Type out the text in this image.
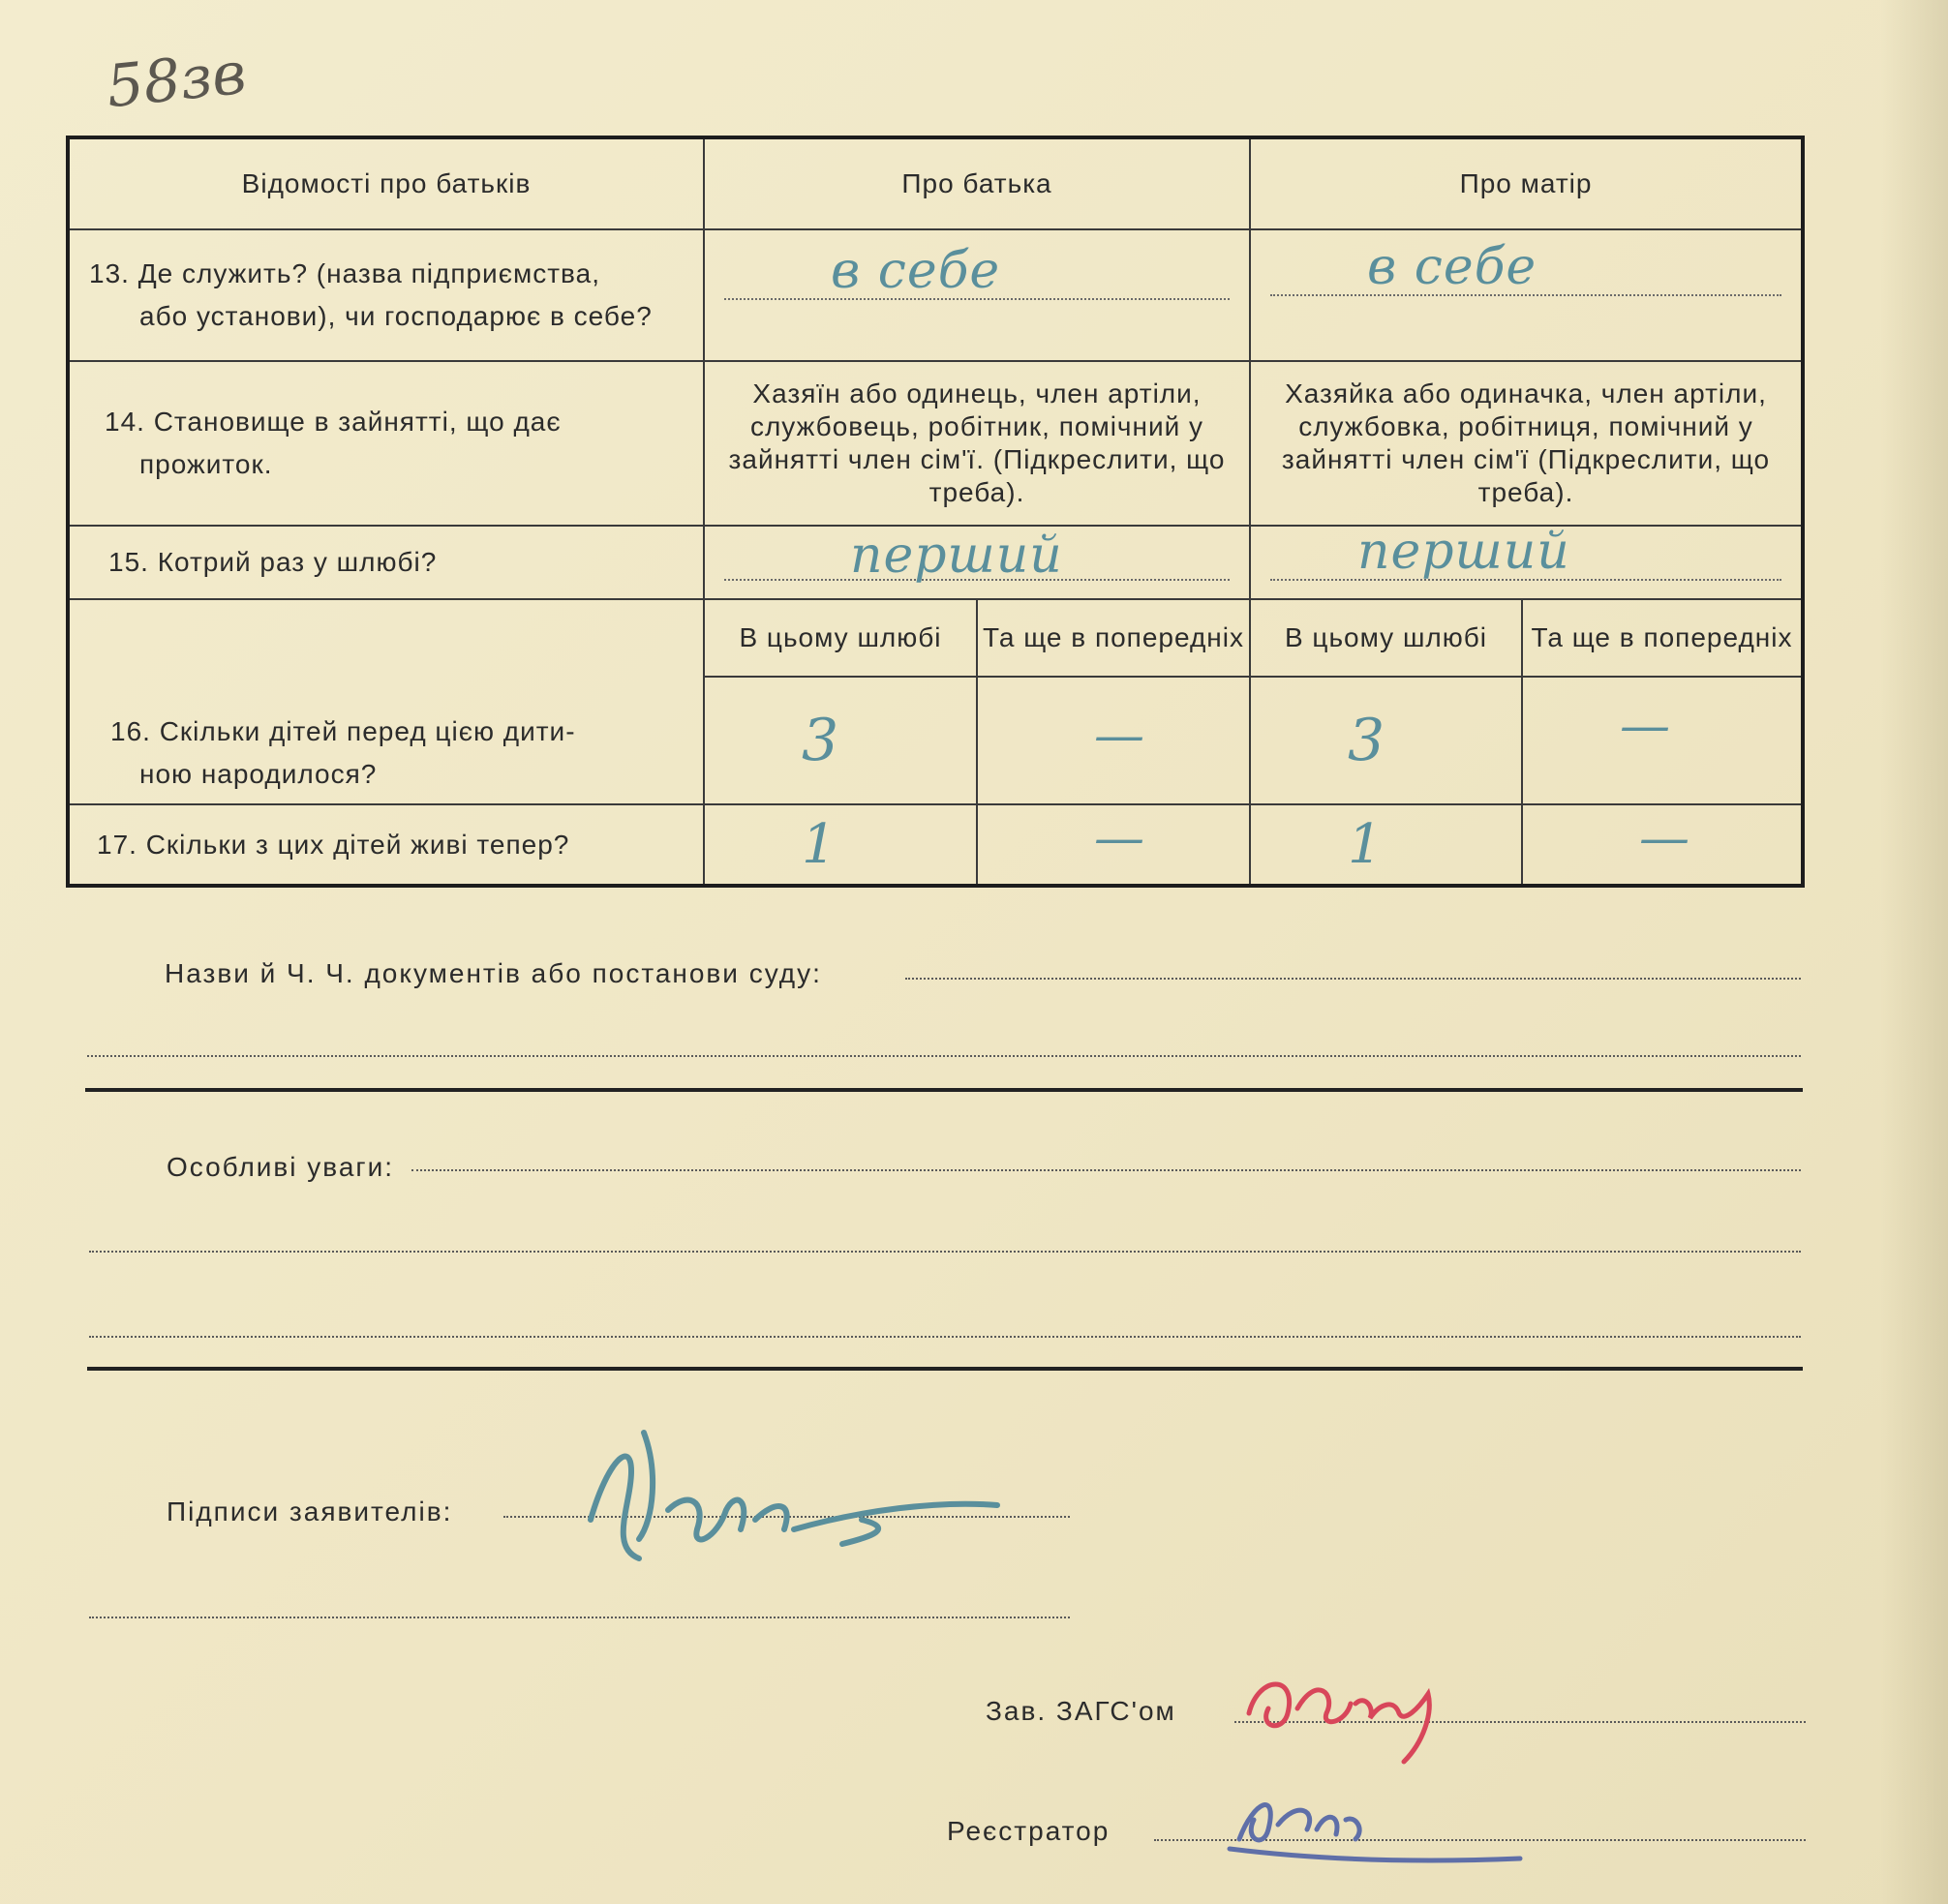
58зв
Відомості про батьків	Про батька		Про матір	
13. Де служить? (назва підприємства,
або установи), чи господарює в себе?	в себе		в себе	

14. Становище в зайнятті, що дає
прожиток.	Хазяїн або одинець, член артіли, службовець, робітник, помічний у зайнятті член сім'ї. (Підкреслити, що треба).		Хазяйка або одиначка, член артіли, службовка, робітниця, помічний у зайнятті член сім'ї (Підкреслити, що треба).	
15. Котрий раз у шлюбі?	перший		перший	

16. Скільки дітей перед цією дити-
ною народилося?	В цьому шлюбі	Та ще в попередніх	В цьому шлюбі	Та ще в попередніх

	3	—	3	—

17. Скільки з цих дітей живі тепер?	1	—	1	—
Назви й Ч. Ч. документів або постанови суду:
Особливі уваги:
Підписи заявителів:
Зав. ЗАГС'ом
Реєстратор
